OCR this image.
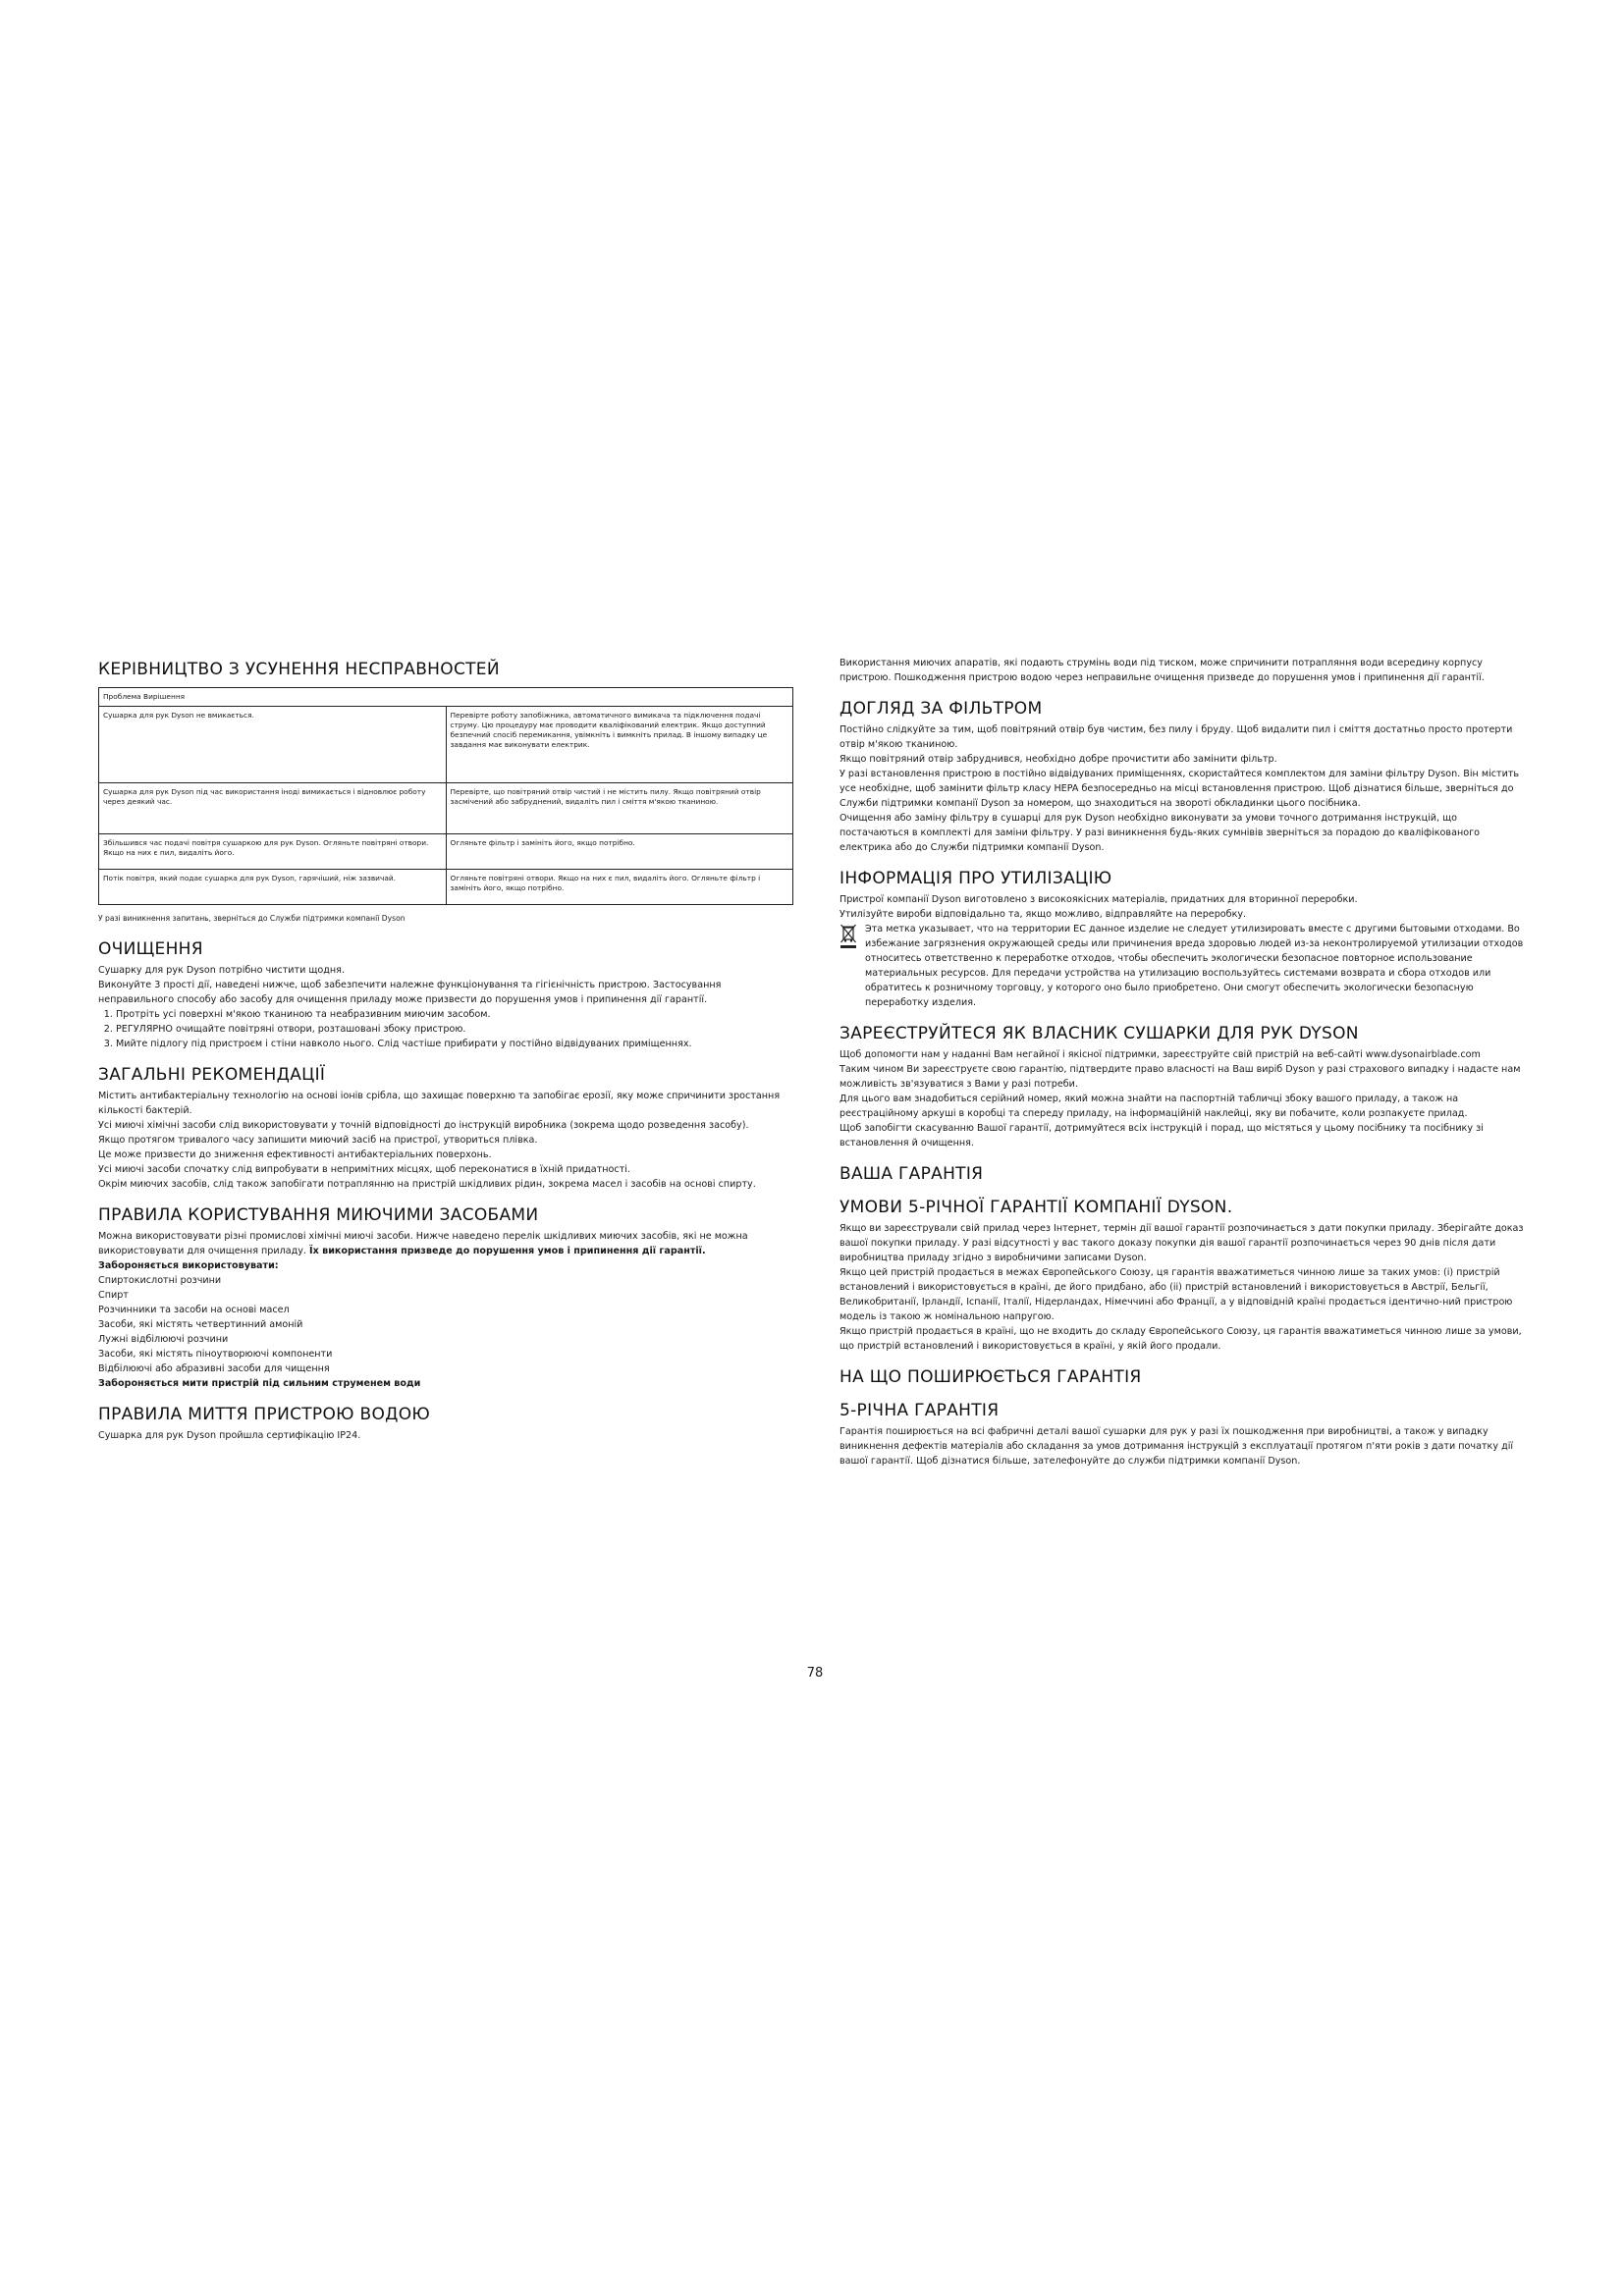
КЕРІВНИЦТВО З УСУНЕННЯ НЕСПРАВНОСТЕЙ
Проблема Вирішення	
Сушарка для рук Dyson не вмикається.	Перевірте роботу запобіжника, автоматичного вимикача та підключення подачі струму. Цю процедуру має проводити кваліфікований електрик. Якщо доступний безпечний спосіб перемикання, увімкніть і вимкніть прилад. В іншому випадку це завдання має виконувати електрик.
Сушарка для рук Dyson під час використання іноді вимикається і відновлює роботу через деякий час.	Перевірте, що повітряний отвір чистий і не містить пилу. Якщо повітряний отвір засмічений або забруднений, видаліть пил і сміття м'якою тканиною.
Збільшився час подачі повітря сушаркою для рук Dyson. Огляньте повітряні отвори. Якщо на них є пил, видаліть його.	Огляньте фільтр і замініть його, якщо потрібно.
Потік повітря, який подає сушарка для рук Dyson, гарячіший, ніж зазвичай.	Огляньте повітряні отвори. Якщо на них є пил, видаліть його. Огляньте фільтр і замініть його, якщо потрібно.

У разі виникнення запитань, зверніться до Служби підтримки компанії Dyson

ОЧИЩЕННЯ

Сушарку для рук Dyson потрібно чистити щодня.

Виконуйте 3 прості дії, наведені нижче, щоб забезпечити належне функціонування та гігієнічність пристрою. Застосування неправильного способу або засобу для очищення приладу може призвести до порушення умов і припинення дії гарантії.

1. Протріть усі поверхні м'якою тканиною та неабразивним миючим засобом.
2. РЕГУЛЯРНО очищайте повітряні отвори, розташовані збоку пристрою.
3. Мийте підлогу під пристроєм і стіни навколо нього. Слід частіше прибирати у постійно відвідуваних приміщеннях.
ЗАГАЛЬНІ РЕКОМЕНДАЦІЇ

Містить антибактеріальну технологію на основі іонів срібла, що захищає поверхню та запобігає ерозії, яку може спричинити зростання кількості бактерій.

Усі миючі хімічні засоби слід використовувати у точній відповідності до інструкцій виробника (зокрема щодо розведення засобу).

Якщо протягом тривалого часу запишити миючий засіб на пристрої, утвориться плівка.

Це може призвести до зниження ефективності антибактеріальних поверхонь.

Усі миючі засоби спочатку слід випробувати в непримітних місцях, щоб переконатися в їхній придатності.

Окрім миючих засобів, слід також запобігати потраплянню на пристрій шкідливих рідин, зокрема масел і засобів на основі спирту.

ПРАВИЛА КОРИСТУВАННЯ МИЮЧИМИ ЗАСОБАМИ

Можна використовувати різні промислові хімічні миючі засоби. Нижче наведено перелік шкідливих миючих засобів, які не можна використовувати для очищення приладу. Їх використання призведе до порушення умов і припинення дії гарантії.

Забороняється використовувати:

Спиртокислотні розчини

Спирт

Розчинники та засоби на основі масел

Засоби, які містять четвертинний амоній

Лужні відбілюючі розчини

Засоби, які містять піноутворюючі компоненти

Відбілюючі або абразивні засоби для чищення

Забороняється мити пристрій під сильним струменем води

ПРАВИЛА МИТТЯ ПРИСТРОЮ ВОДОЮ

Сушарка для рук Dyson пройшла сертифікацію IP24.

Використання миючих апаратів, які подають струмінь води під тиском, може спричинити потрапляння води всередину корпусу пристрою. Пошкодження пристрою водою через неправильне очищення призведе до порушення умов і припинення дії гарантії.

ДОГЛЯД ЗА ФІЛЬТРОМ

Постійно слідкуйте за тим, щоб повітряний отвір був чистим, без пилу і бруду. Щоб видалити пил і сміття достатньо просто протерти отвір м'якою тканиною.

Якщо повітряний отвір забруднився, необхідно добре прочистити або замінити фільтр.

У разі встановлення пристрою в постійно відвідуваних приміщеннях, скористайтеся комплектом для заміни фільтру Dyson. Він містить усе необхідне, щоб замінити фільтр класу HEPA безпосередньо на місці встановлення пристрою. Щоб дізнатися більше, зверніться до Служби підтримки компанії Dyson за номером, що знаходиться на звороті обкладинки цього посібника.

Очищення або заміну фільтру в сушарці для рук Dyson необхідно виконувати за умови точного дотримання інструкцій, що постачаються в комплекті для заміни фільтру. У разі виникнення будь-яких сумнівів зверніться за порадою до кваліфікованого електрика або до Служби підтримки компанії Dyson.

ІНФОРМАЦІЯ ПРО УТИЛІЗАЦІЮ

Пристрої компанії Dyson виготовлено з високоякісних матеріалів, придатних для вторинної переробки.

Утилізуйте вироби відповідально та, якщо можливо, відправляйте на переробку.

Эта метка указывает, что на территории ЕС данное изделие не следует утилизировать вместе с другими бытовыми отходами. Во избежание загрязнения окружающей среды или причинения вреда здоровью людей из-за неконтролируемой утилизации отходов относитесь ответственно к переработке отходов, чтобы обеспечить экологически безопасное повторное использование материальных ресурсов. Для передачи устройства на утилизацию воспользуйтесь системами возврата и сбора отходов или обратитесь к розничному торговцу, у которого оно было приобретено. Они смогут обеспечить экологически безопасную переработку изделия.

ЗАРЕЄСТРУЙТЕСЯ ЯК ВЛАСНИК СУШАРКИ ДЛЯ РУК DYSON

Щоб допомогти нам у наданні Вам негайної і якісної підтримки, зареєструйте свій пристрій на веб-сайті www.dysonairblade.com

Таким чином Ви зареєструєте свою гарантію, підтвердите право власності на Ваш виріб Dyson у разі страхового випадку і надасте нам можливість зв'язуватися з Вами у разі потреби.

Для цього вам знадобиться серійний номер, який можна знайти на паспортній табличці збоку вашого приладу, а також на реєстраційному аркуші в коробці та спереду приладу, на інформаційній наклейці, яку ви побачите, коли розпакуєте прилад.

Щоб запобігти скасуванню Вашої гарантії, дотримуйтеся всіх інструкцій і порад, що містяться у цьому посібнику та посібнику зі встановлення й очищення.

ВАША ГАРАНТІЯ
УМОВИ 5-РІЧНОЇ ГАРАНТІЇ КОМПАНІЇ DYSON.

Якщо ви зареєстрували свій прилад через Інтернет, термін дії вашої гарантії розпочинається з дати покупки приладу. Зберігайте доказ вашої покупки приладу. У разі відсутності у вас такого доказу покупки дія вашої гарантії розпочинається через 90 днів після дати виробництва приладу згідно з виробничими записами Dyson.

Якщо цей пристрій продається в межах Європейського Союзу, ця гарантія вважатиметься чинною лише за таких умов: (і) пристрій встановлений і використовується в країні, де його придбано, або (іі) пристрій встановлений і використовується в Австрії, Бельгії, Великобританії, Ірландії, Іспанії, Італії, Нідерландах, Німеччині або Франції, а у відповідній країні продається ідентично-ний пристрою модель із такою ж номінальною напругою.

Якщо пристрій продається в країні, що не входить до складу Європейського Союзу, ця гарантія вважатиметься чинною лише за умови, що пристрій встановлений і використовується в країні, у якій його продали.

НА ЩО ПОШИРЮЄТЬСЯ ГАРАНТІЯ
5-РІЧНА ГАРАНТІЯ

Гарантія поширюється на всі фабричні деталі вашої сушарки для рук у разі їх пошкодження при виробництві, а також у випадку виникнення дефектів матеріалів або складання за умов дотримання інструкцій з експлуатації протягом п'яти років з дати початку дії вашої гарантії. Щоб дізнатися більше, зателефонуйте до служби підтримки компанії Dyson.

78
